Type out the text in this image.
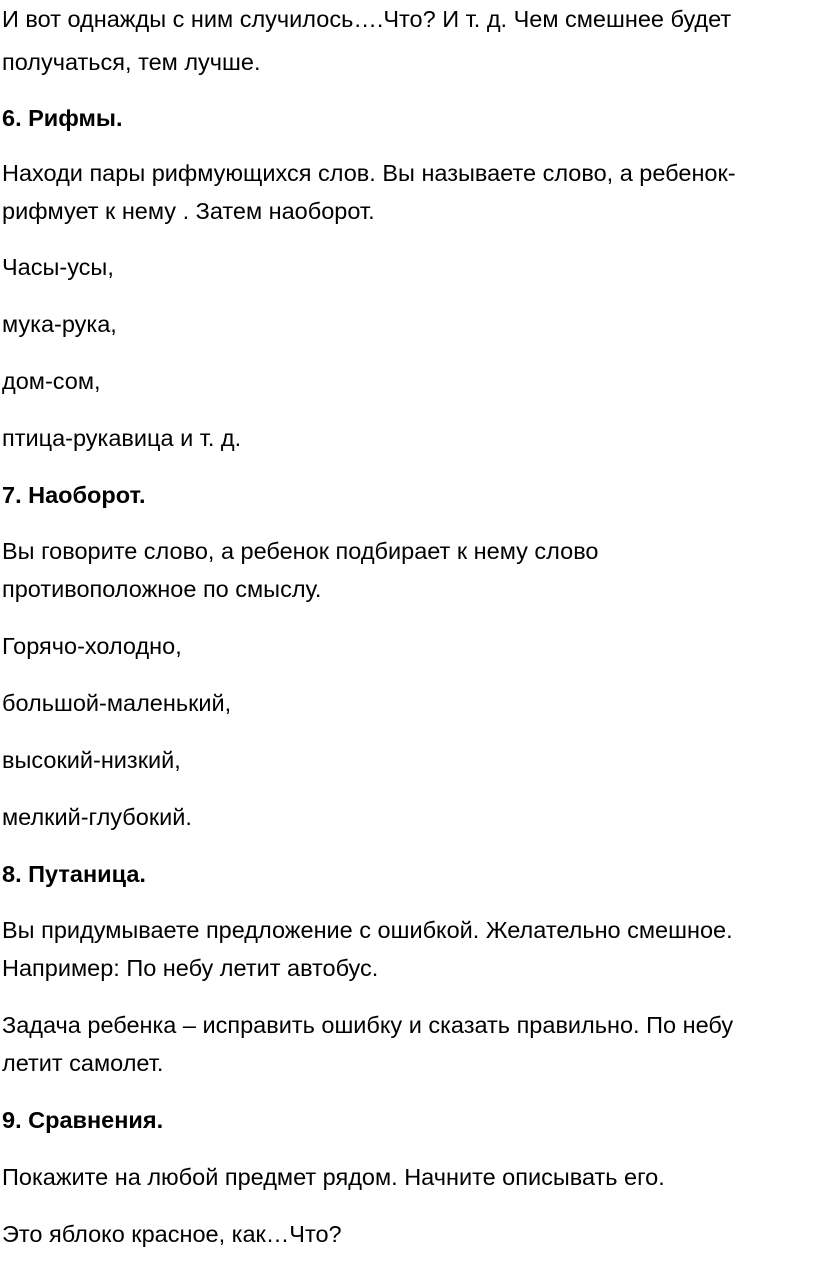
И вот однажды с ним случилось….Что? И т. д. Чем смешнее будет
получаться, тем лучше.
6. Рифмы.
Находи пары рифмующихся слов. Вы называете слово, а ребенок-
рифмует к нему . Затем наоборот.
Часы-усы,
мука-рука,
дом-сом,
птица-рукавица и т. д.
7. Наоборот.
Вы говорите слово, а ребенок подбирает к нему слово
противоположное по смыслу.
Горячо-холодно,
большой-маленький,
высокий-низкий,
мелкий-глубокий.
8. Путаница.
Вы придумываете предложение с ошибкой. Желательно смешное.
Например: По небу летит автобус.
Задача ребенка – исправить ошибку и сказать правильно. По небу
летит самолет.
9. Сравнения.
Покажите на любой предмет рядом. Начните описывать его.
Это яблоко красное, как…Что?
